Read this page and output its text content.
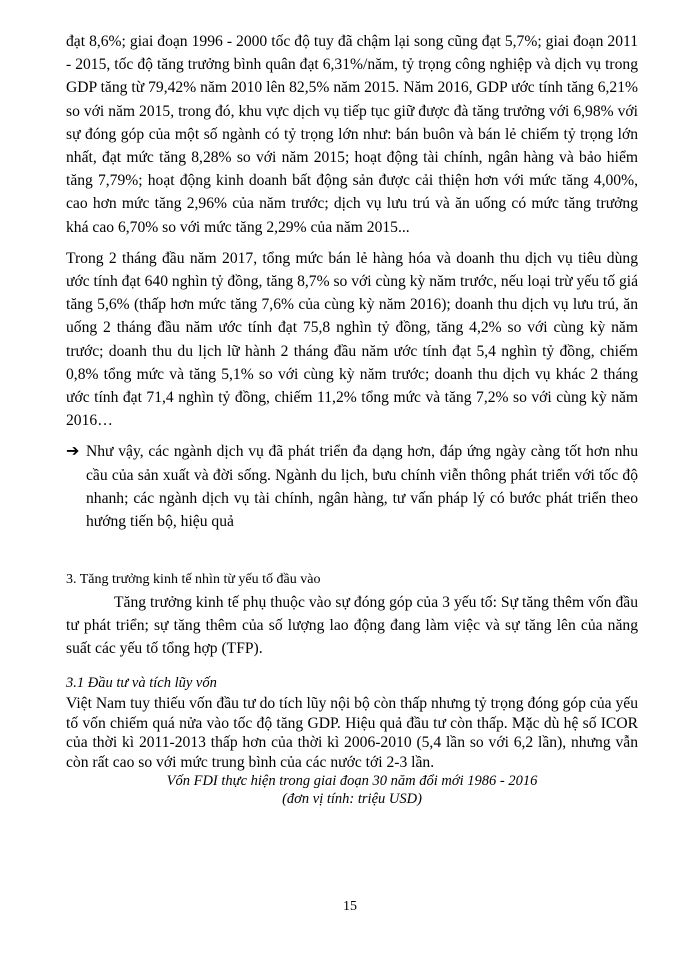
đạt 8,6%; giai đoạn 1996 - 2000 tốc độ tuy đã chậm lại song cũng đạt 5,7%; giai đoạn 2011 - 2015, tốc độ tăng trưởng bình quân đạt 6,31%/năm, tỷ trọng công nghiệp và dịch vụ trong GDP tăng từ 79,42% năm 2010 lên 82,5% năm 2015. Năm 2016, GDP ước tính tăng 6,21% so với năm 2015, trong đó, khu vực dịch vụ tiếp tục giữ được đà tăng trưởng với 6,98% với sự đóng góp của một số ngành có tỷ trọng lớn như: bán buôn và bán lẻ chiếm tỷ trọng lớn nhất, đạt mức tăng 8,28% so với năm 2015; hoạt động tài chính, ngân hàng và bảo hiểm tăng 7,79%; hoạt động kinh doanh bất động sản được cải thiện hơn với mức tăng 4,00%, cao hơn mức tăng 2,96% của năm trước; dịch vụ lưu trú và ăn uống có mức tăng trưởng khá cao 6,70% so với mức tăng 2,29% của năm 2015...

Trong 2 tháng đầu năm 2017, tổng mức bán lẻ hàng hóa và doanh thu dịch vụ tiêu dùng ước tính đạt 640 nghìn tỷ đồng, tăng 8,7% so với cùng kỳ năm trước, nếu loại trừ yếu tố giá tăng 5,6% (thấp hơn mức tăng 7,6% của cùng kỳ năm 2016); doanh thu dịch vụ lưu trú, ăn uống 2 tháng đầu năm ước tính đạt 75,8 nghìn tỷ đồng, tăng 4,2% so với cùng kỳ năm trước; doanh thu du lịch lữ hành 2 tháng đầu năm ước tính đạt 5,4 nghìn tỷ đồng, chiếm 0,8% tổng mức và tăng 5,1% so với cùng kỳ năm trước; doanh thu dịch vụ khác 2 tháng ước tính đạt 71,4 nghìn tỷ đồng, chiếm 11,2% tổng mức và tăng 7,2% so với cùng kỳ năm 2016…

➔ Như vậy, các ngành dịch vụ đã phát triển đa dạng hơn, đáp ứng ngày càng tốt hơn nhu cầu của sản xuất và đời sống. Ngành du lịch, bưu chính viễn thông phát triển với tốc độ nhanh; các ngành dịch vụ tài chính, ngân hàng, tư vấn pháp lý có bước phát triển theo hướng tiến bộ, hiệu quả

3. Tăng trưởng kinh tế nhìn từ yếu tố đầu vào

Tăng trưởng kinh tế phụ thuộc vào sự đóng góp của 3 yếu tố: Sự tăng thêm vốn đầu tư phát triển; sự tăng thêm của số lượng lao động đang làm việc và sự tăng lên của năng suất các yếu tố tổng hợp (TFP).

3.1 Đầu tư và tích lũy vốn

Việt Nam tuy thiếu vốn đầu tư do tích lũy nội bộ còn thấp nhưng tỷ trọng đóng góp của yếu tố vốn chiếm quá nửa vào tốc độ tăng GDP. Hiệu quả đầu tư còn thấp. Mặc dù hệ số ICOR của thời kì 2011-2013 thấp hơn của thời kì 2006-2010 (5,4 lần so với 6,2 lần), nhưng vẫn còn rất cao so với mức trung bình của các nước tới 2-3 lần.

Vốn FDI thực hiện trong giai đoạn 30 năm đổi mới 1986 - 2016

(đơn vị tính: triệu USD)

15
